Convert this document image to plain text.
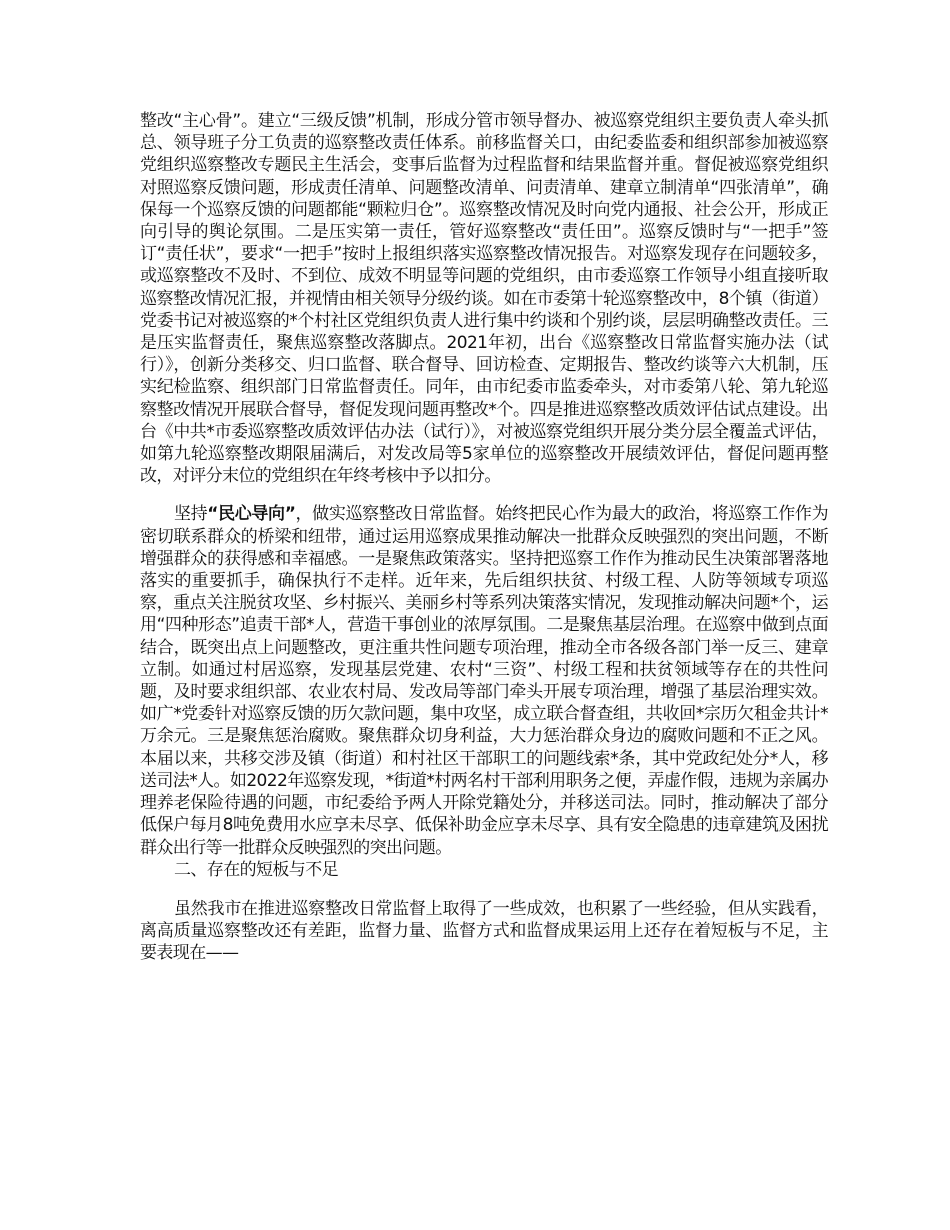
整改“主心骨”。建立“三级反馈”机制，形成分管市领导督办、被巡察党组织主要负责人牵头抓总、领导班子分工负责的巡察整改责任体系。前移监督关口，由纪委监委和组织部参加被巡察党组织巡察整改专题民主生活会，变事后监督为过程监督和结果监督并重。督促被巡察党组织对照巡察反馈问题，形成责任清单、问题整改清单、问责清单、建章立制清单“四张清单”，确保每一个巡察反馈的问题都能“颗粒归仓”。巡察整改情况及时向党内通报、社会公开，形成正向引导的舆论氛围。二是压实第一责任，管好巡察整改“责任田”。巡察反馈时与“一把手”签订“责任状”，要求“一把手”按时上报组织落实巡察整改情况报告。对巡察发现存在问题较多，或巡察整改不及时、不到位、成效不明显等问题的党组织，由市委巡察工作领导小组直接听取巡察整改情况汇报，并视情由相关领导分级约谈。如在市委第十轮巡察整改中，8个镇（街道）党委书记对被巡察的*个村社区党组织负责人进行集中约谈和个别约谈，层层明确整改责任。三是压实监督责任，聚焦巡察整改落脚点。2021年初，出台《巡察整改日常监督实施办法（试行）》，创新分类移交、归口监督、联合督导、回访检查、定期报告、整改约谈等六大机制，压实纪检监察、组织部门日常监督责任。同年，由市纪委市监委牵头，对市委第八轮、第九轮巡察整改情况开展联合督导，督促发现问题再整改*个。四是推进巡察整改质效评估试点建设。出台《中共*市委巡察整改质效评估办法（试行）》，对被巡察党组织开展分类分层全覆盖式评估，如第九轮巡察整改期限届满后，对发改局等5家单位的巡察整改开展绩效评估，督促问题再整改，对评分末位的党组织在年终考核中予以扣分。

坚持“民心导向”，做实巡察整改日常监督。始终把民心作为最大的政治，将巡察工作作为密切联系群众的桥梁和纽带，通过运用巡察成果推动解决一批群众反映强烈的突出问题，不断增强群众的获得感和幸福感。一是聚焦政策落实。坚持把巡察工作作为推动民生决策部署落地落实的重要抓手，确保执行不走样。近年来，先后组织扶贫、村级工程、人防等领域专项巡察，重点关注脱贫攻坚、乡村振兴、美丽乡村等系列决策落实情况，发现推动解决问题*个，运用“四种形态”追责干部*人，营造干事创业的浓厚氛围。二是聚焦基层治理。在巡察中做到点面结合，既突出点上问题整改，更注重共性问题专项治理，推动全市各级各部门举一反三、建章立制。如通过村居巡察，发现基层党建、农村“三资”、村级工程和扶贫领域等存在的共性问题，及时要求组织部、农业农村局、发改局等部门牵头开展专项治理，增强了基层治理实效。如广*党委针对巡察反馈的历欠款问题，集中攻坚，成立联合督查组，共收回*宗历欠租金共计*万余元。三是聚焦惩治腐败。聚焦群众切身利益，大力惩治群众身边的腐败问题和不正之风。本届以来，共移交涉及镇（街道）和村社区干部职工的问题线索*条，其中党政纪处分*人，移送司法*人。如2022年巡察发现，*街道*村两名村干部利用职务之便，弄虚作假，违规为亲属办理养老保险待遇的问题，市纪委给予两人开除党籍处分，并移送司法。同时，推动解决了部分低保户每月8吨免费用水应享未尽享、低保补助金应享未尽享、具有安全隐患的违章建筑及困扰群众出行等一批群众反映强烈的突出问题。

二、存在的短板与不足

虽然我市在推进巡察整改日常监督上取得了一些成效，也积累了一些经验，但从实践看，离高质量巡察整改还有差距，监督力量、监督方式和监督成果运用上还存在着短板与不足，主要表现在——
